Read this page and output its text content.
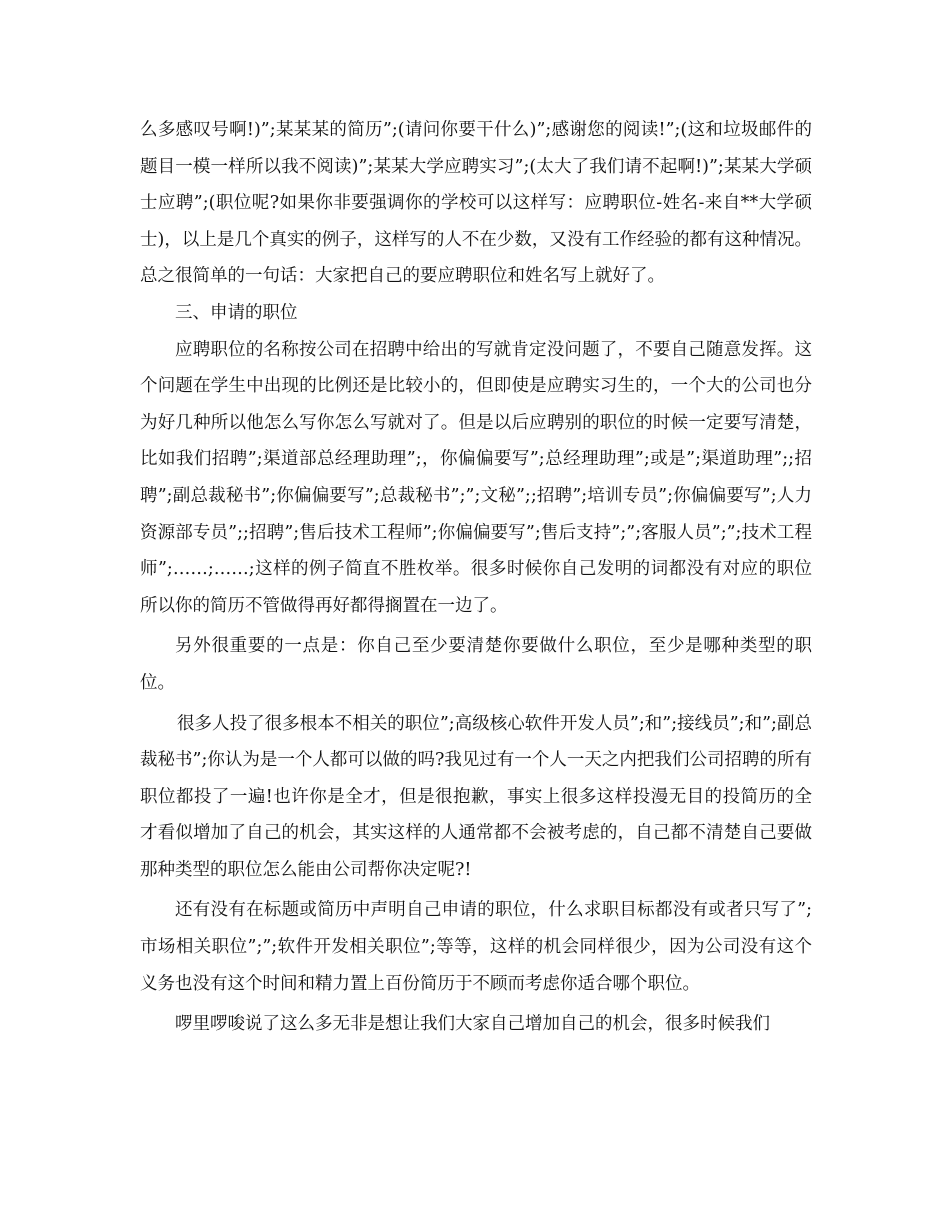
么多感叹号啊!)”;某某某的简历”;(请问你要干什么)”;感谢您的阅读!”;(这和垃圾邮件的题目一模一样所以我不阅读)”;某某大学应聘实习”;(太大了我们请不起啊!)”;某某大学硕士应聘”;(职位呢?如果你非要强调你的学校可以这样写：应聘职位-姓名-来自**大学硕士)，以上是几个真实的例子，这样写的人不在少数，又没有工作经验的都有这种情况。总之很简单的一句话：大家把自己的要应聘职位和姓名写上就好了。

三、申请的职位

应聘职位的名称按公司在招聘中给出的写就肯定没问题了，不要自己随意发挥。这个问题在学生中出现的比例还是比较小的，但即使是应聘实习生的，一个大的公司也分为好几种所以他怎么写你怎么写就对了。但是以后应聘别的职位的时候一定要写清楚，比如我们招聘”;渠道部总经理助理”;，你偏偏要写”;总经理助理”;或是”;渠道助理”;;招聘”;副总裁秘书”;你偏偏要写”;总裁秘书”;”;文秘”;;招聘”;培训专员”;你偏偏要写”;人力资源部专员”;;招聘”;售后技术工程师”;你偏偏要写”;售后支持”;”;客服人员”;”;技术工程师”;……;……;这样的例子简直不胜枚举。很多时候你自己发明的词都没有对应的职位所以你的简历不管做得再好都得搁置在一边了。

另外很重要的一点是：你自己至少要清楚你要做什么职位，至少是哪种类型的职位。

很多人投了很多根本不相关的职位”;高级核心软件开发人员”;和”;接线员”;和”;副总裁秘书”;你认为是一个人都可以做的吗?我见过有一个人一天之内把我们公司招聘的所有职位都投了一遍!也许你是全才，但是很抱歉，事实上很多这样投漫无目的投简历的全才看似增加了自己的机会，其实这样的人通常都不会被考虑的，自己都不清楚自己要做那种类型的职位怎么能由公司帮你决定呢?!

还有没有在标题或简历中声明自己申请的职位，什么求职目标都没有或者只写了”;市场相关职位”;”;软件开发相关职位”;等等，这样的机会同样很少，因为公司没有这个义务也没有这个时间和精力置上百份简历于不顾而考虑你适合哪个职位。

啰里啰唆说了这么多无非是想让我们大家自己增加自己的机会，很多时候我们
